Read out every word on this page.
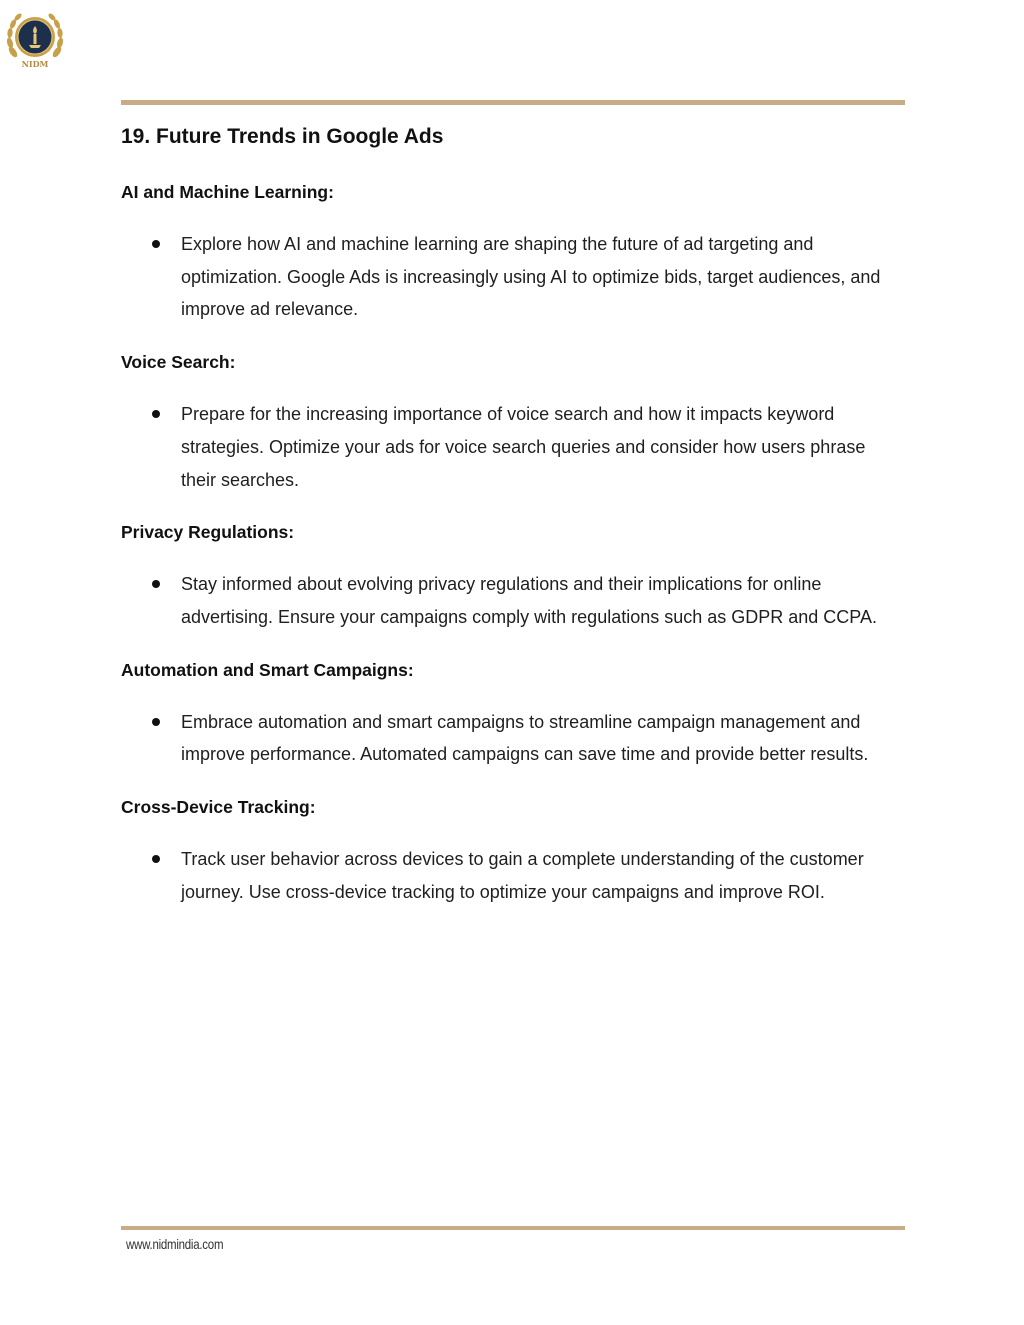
NIDM
19. Future Trends in Google Ads
AI and Machine Learning:
Explore how AI and machine learning are shaping the future of ad targeting and optimization. Google Ads is increasingly using AI to optimize bids, target audiences, and improve ad relevance.
Voice Search:
Prepare for the increasing importance of voice search and how it impacts keyword strategies. Optimize your ads for voice search queries and consider how users phrase their searches.
Privacy Regulations:
Stay informed about evolving privacy regulations and their implications for online advertising. Ensure your campaigns comply with regulations such as GDPR and CCPA.
Automation and Smart Campaigns:
Embrace automation and smart campaigns to streamline campaign management and improve performance. Automated campaigns can save time and provide better results.
Cross-Device Tracking:
Track user behavior across devices to gain a complete understanding of the customer journey. Use cross-device tracking to optimize your campaigns and improve ROI.
www.nidmindia.com
